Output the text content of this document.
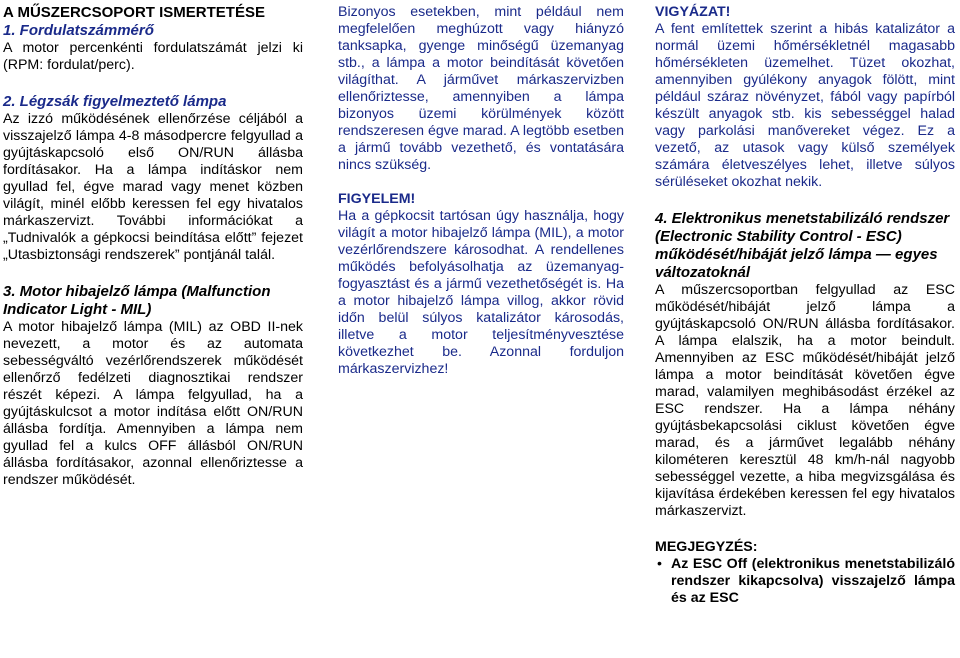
A MŰSZERCSOPORT ISMERTETÉSE

1. Fordulatszámmérő

A motor percenkénti fordulatszámát jelzi ki (RPM: fordulat/perc).

2. Légzsák figyelmeztető lámpa

Az izzó működésének ellenőrzése céljából a visszajelző lámpa 4-8 másodpercre felgyullad a gyújtáskapcsoló első ON/RUN állásba fordításakor. Ha a lámpa indításkor nem gyullad fel, égve marad vagy menet közben világít, minél előbb keressen fel egy hivatalos márkaszervizt. További információkat a „Tudnivalók a gépkocsi beindítása előtt” fejezet „Utasbiztonsági rendszerek” pontjánál talál.

3. Motor hibajelző lámpa (Malfunction Indicator Light - MIL)

A motor hibajelző lámpa (MIL) az OBD II-nek nevezett, a motor és az automata sebességváltó vezérlőrendszerek működését ellenőrző fedélzeti diagnosztikai rendszer részét képezi. A lámpa felgyullad, ha a gyújtáskulcsot a motor indítása előtt ON/RUN állásba fordítja. Amennyiben a lámpa nem gyullad fel a kulcs OFF állásból ON/RUN állásba fordításakor, azonnal ellenőriztesse a rendszer működését.

Bizonyos esetekben, mint például nem megfelelően meghúzott vagy hiányzó tanksapka, gyenge minőségű üzemanyag stb., a lámpa a motor beindítását követően világíthat. A járművet márkaszervizben ellenőriztesse, amennyiben a lámpa bizonyos üzemi körülmények között rendszeresen égve marad. A legtöbb esetben a jármű tovább vezethető, és vontatására nincs szükség.

FIGYELEM!

Ha a gépkocsit tartósan úgy használja, hogy világít a motor hibajelző lámpa (MIL), a motor vezérlőrendszere károsodhat. A rendellenes működés befolyásolhatja az üzemanyag-fogyasztást és a jármű vezethetőségét is. Ha a motor hibajelző lámpa villog, akkor rövid időn belül súlyos katalizátor károsodás, illetve a motor teljesítményvesztése következhet be. Azonnal forduljon márkaszervizhez!

VIGYÁZAT!

A fent említettek szerint a hibás katalizátor a normál üzemi hőmérsékletnél magasabb hőmérsékleten üzemelhet. Tüzet okozhat, amennyiben gyúlékony anyagok fölött, mint például száraz növényzet, fából vagy papírból készült anyagok stb. kis sebességgel halad vagy parkolási manővereket végez. Ez a vezető, az utasok vagy külső személyek számára életveszélyes lehet, illetve súlyos sérüléseket okozhat nekik.

4. Elektronikus menetstabilizáló rendszer (Electronic Stability Control - ESC) működését/hibáját jelző lámpa — egyes változatoknál

A műszercsoportban felgyullad az ESC működését/hibáját jelző lámpa a gyújtáskapcsoló ON/RUN állásba fordításakor. A lámpa elalszik, ha a motor beindult. Amennyiben az ESC működését/hibáját jelző lámpa a motor beindítását követően égve marad, valamilyen meghibásodást érzékel az ESC rendszer. Ha a lámpa néhány gyújtásbekapcsolási ciklust követően égve marad, és a járművet legalább néhány kilométeren keresztül 48 km/h-nál nagyobb sebességgel vezette, a hiba megvizsgálása és kijavítása érdekében keressen fel egy hivatalos márkaszervizt.

MEGJEGYZÉS:

• Az ESC Off (elektronikus menetstabilizáló rendszer kikapcsolva) visszajelző lámpa és az ESC
